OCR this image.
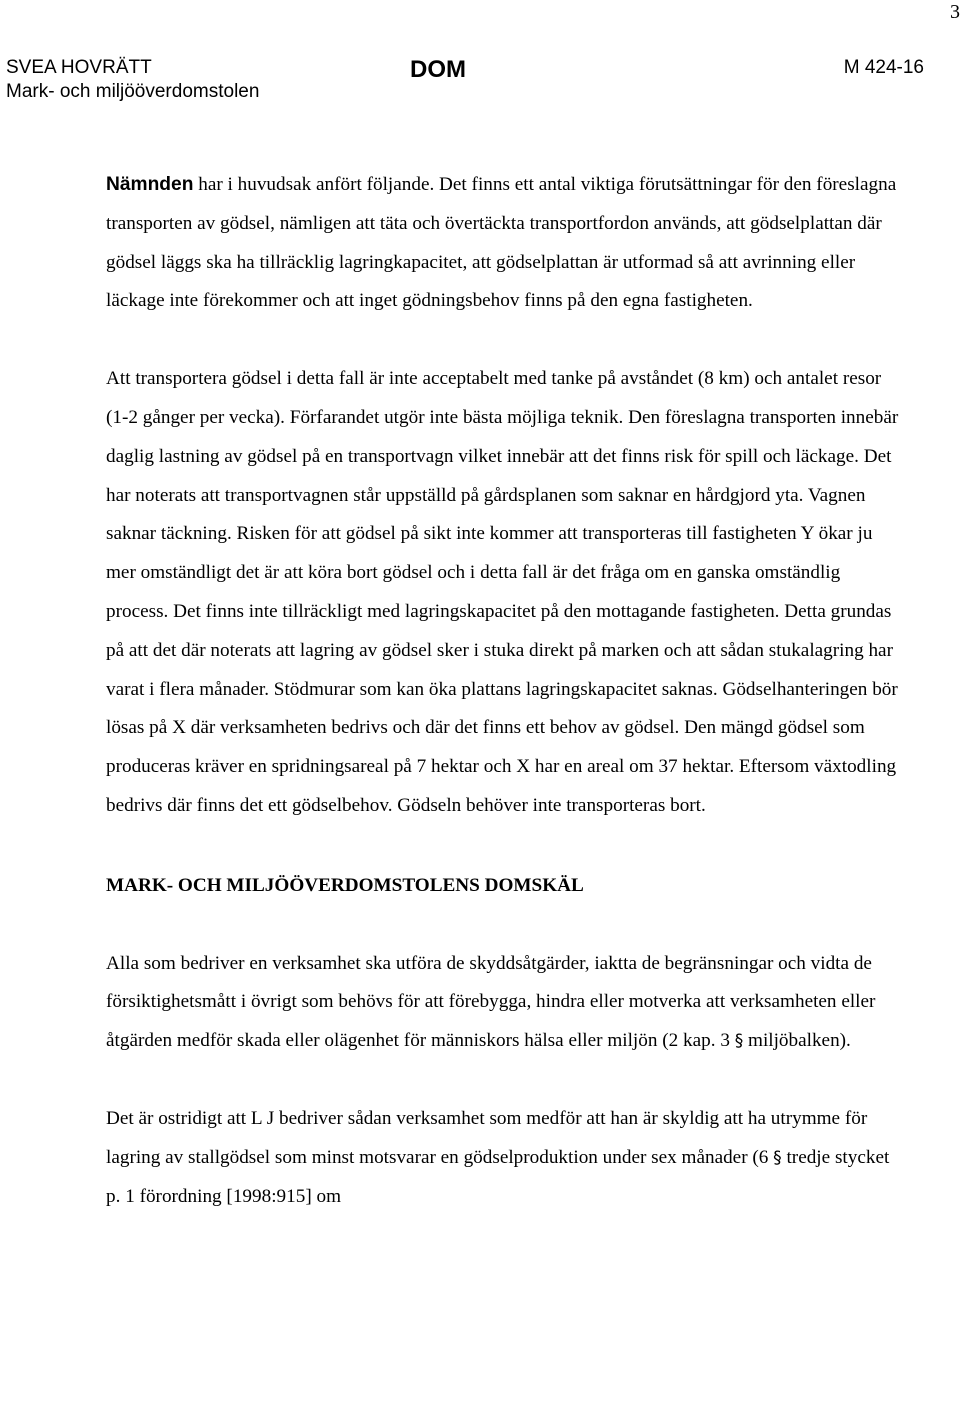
3
SVEA HOVRÄTT
Mark- och miljööverdomstolen
DOM	M 424-16

Nämnden har i huvudsak anfört följande. Det finns ett antal viktiga förutsättningar för den föreslagna transporten av gödsel, nämligen att täta och övertäckta transportfordon används, att gödselplattan där gödsel läggs ska ha tillräcklig lagringkapacitet, att gödselplattan är utformad så att avrinning eller läckage inte förekommer och att inget gödningsbehov finns på den egna fastigheten.

Att transportera gödsel i detta fall är inte acceptabelt med tanke på avståndet (8 km) och antalet resor (1-2 gånger per vecka). Förfarandet utgör inte bästa möjliga teknik. Den föreslagna transporten innebär daglig lastning av gödsel på en transportvagn vilket innebär att det finns risk för spill och läckage. Det har noterats att transportvagnen står uppställd på gårdsplanen som saknar en hårdgjord yta. Vagnen saknar täckning. Risken för att gödsel på sikt inte kommer att transporteras till fastigheten Y ökar ju mer omständligt det är att köra bort gödsel och i detta fall är det fråga om en ganska omständlig process. Det finns inte tillräckligt med lagringskapacitet på den mottagande fastigheten. Detta grundas på att det där noterats att lagring av gödsel sker i stuka direkt på marken och att sådan stukalagring har varat i flera månader. Stödmurar som kan öka plattans lagringskapacitet saknas. Gödselhanteringen bör lösas på X där verksamheten bedrivs och där det finns ett behov av gödsel. Den mängd gödsel som produceras kräver en spridningsareal på 7 hektar och X har en areal om 37 hektar. Eftersom växtodling bedrivs där finns det ett gödselbehov. Gödseln behöver inte transporteras bort.

MARK- OCH MILJÖÖVERDOMSTOLENS DOMSKÄL

Alla som bedriver en verksamhet ska utföra de skyddsåtgärder, iaktta de begränsningar och vidta de försiktighetsmått i övrigt som behövs för att förebygga, hindra eller motverka att verksamheten eller åtgärden medför skada eller olägenhet för människors hälsa eller miljön (2 kap. 3 § miljöbalken).

Det är ostridigt att L J bedriver sådan verksamhet som medför att han är skyldig att ha utrymme för lagring av stallgödsel som minst motsvarar en gödselproduktion under sex månader (6 § tredje stycket p. 1 förordning [1998:915] om
